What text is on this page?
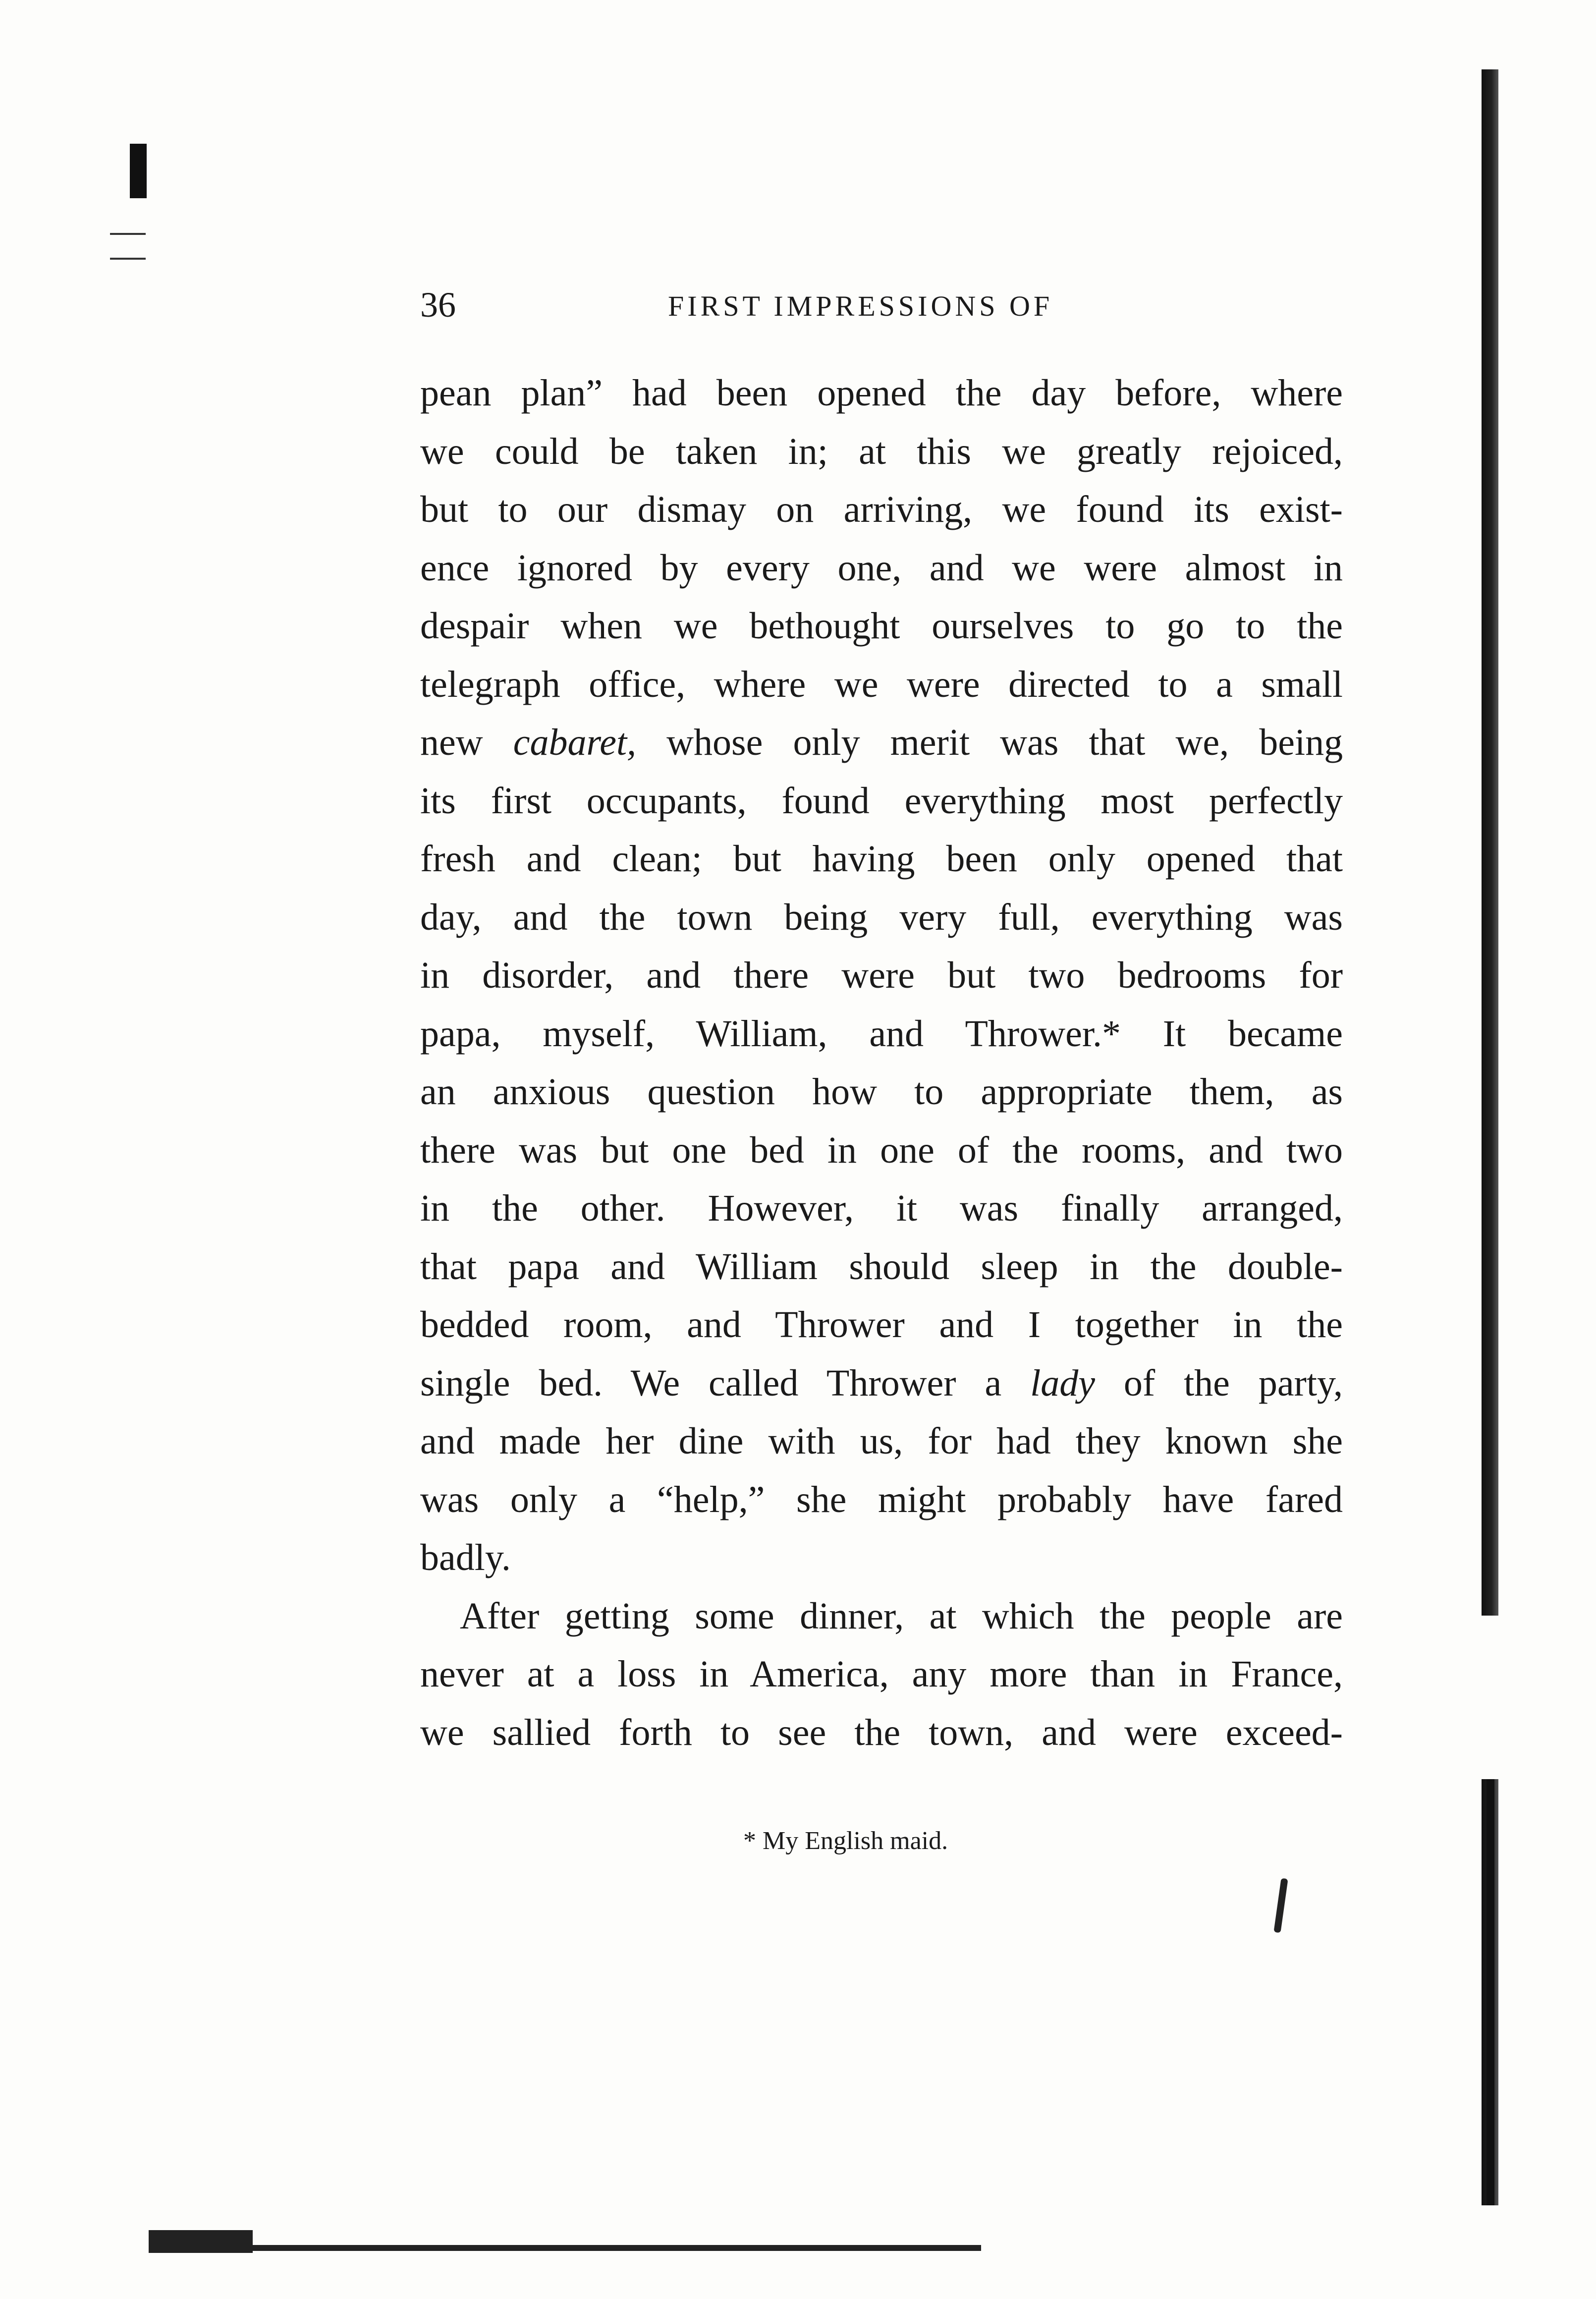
36	FIRST IMPRESSIONS OF
pean plan” had been opened the day before, where
we could be taken in; at this we greatly rejoiced,
but to our dismay on arriving, we found its exist-
ence ignored by every one, and we were almost in
despair when we bethought ourselves to go to the
telegraph office, where we were directed to a small
new cabaret, whose only merit was that we, being
its first occupants, found everything most perfectly
fresh and clean; but having been only opened that
day, and the town being very full, everything was
in disorder, and there were but two bedrooms for
papa, myself, William, and Thrower.* It became
an anxious question how to appropriate them, as
there was but one bed in one of the rooms, and two
in the other. However, it was finally arranged,
that papa and William should sleep in the double-
bedded room, and Thrower and I together in the
single bed. We called Thrower a lady of the party,
and made her dine with us, for had they known she
was only a “help,” she might probably have fared
badly.
After getting some dinner, at which the people are
never at a loss in America, any more than in France,
we sallied forth to see the town, and were exceed-
* My English maid.
